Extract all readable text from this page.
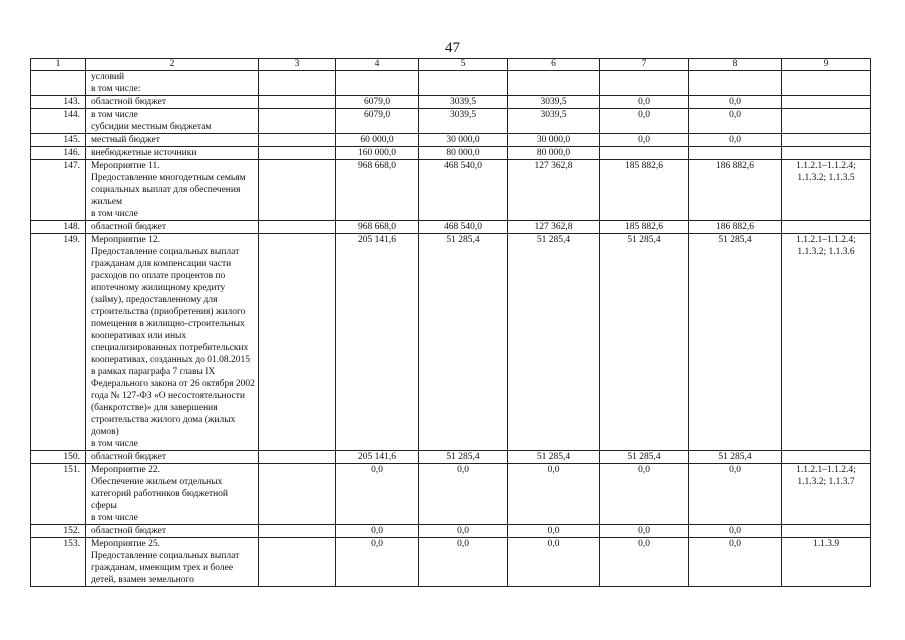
47
1	2	3	4	5	6	7	8	9
	условий
в том числе:							
143.	областной бюджет		6079,0	3039,5	3039,5	0,0	0,0	
144.	в том числе
субсидии местным бюджетам		6079,0	3039,5	3039,5	0,0	0,0	
145.	местный бюджет		60 000,0	30 000,0	30 000,0	0,0	0,0	
146.	внебюджетные источники		160 000,0	80 000,0	80 000,0			
147.	Мероприятие 11.
Предоставление многодетным семьям социальных выплат для обеспечения жильем
в том числе		968 668,0	468 540,0	127 362,8	185 882,6	186 882,6	1.1.2.1–1.1.2.4; 1.1.3.2; 1.1.3.5
148.	областной бюджет		968 668,0	468 540,0	127 362,8	185 882,6	186 882,6	
149.	Мероприятие 12.
Предоставление социальных выплат гражданам для компенсации части расходов по оплате процентов по ипотечному жилищному кредиту (займу), предоставленному для строительства (приобретения) жилого помещения в жилищно-строительных кооперативах или иных специализированных потребительских кооперативах, созданных до 01.08.2015
в рамках параграфа 7 главы IX Федерального закона от 26 октября 2002 года № 127-ФЗ «О несостоятельности (банкротстве)» для завершения строительства жилого дома (жилых домов)
в том числе		205 141,6	51 285,4	51 285,4	51 285,4	51 285,4	1.1.2.1–1.1.2.4; 1.1.3.2; 1.1.3.6
150.	областной бюджет		205 141,6	51 285,4	51 285,4	51 285,4	51 285,4	
151.	Мероприятие 22.
Обеспечение жильем отдельных категорий работников бюджетной сферы
в том числе		0,0	0,0	0,0	0,0	0,0	1.1.2.1–1.1.2.4; 1.1.3.2; 1.1.3.7
152.	областной бюджет		0,0	0,0	0,0	0,0	0,0	
153.	Мероприятие 25.
Предоставление социальных выплат гражданам, имеющим трех и более детей, взамен земельного		0,0	0,0	0,0	0,0	0,0	1.1.3.9
